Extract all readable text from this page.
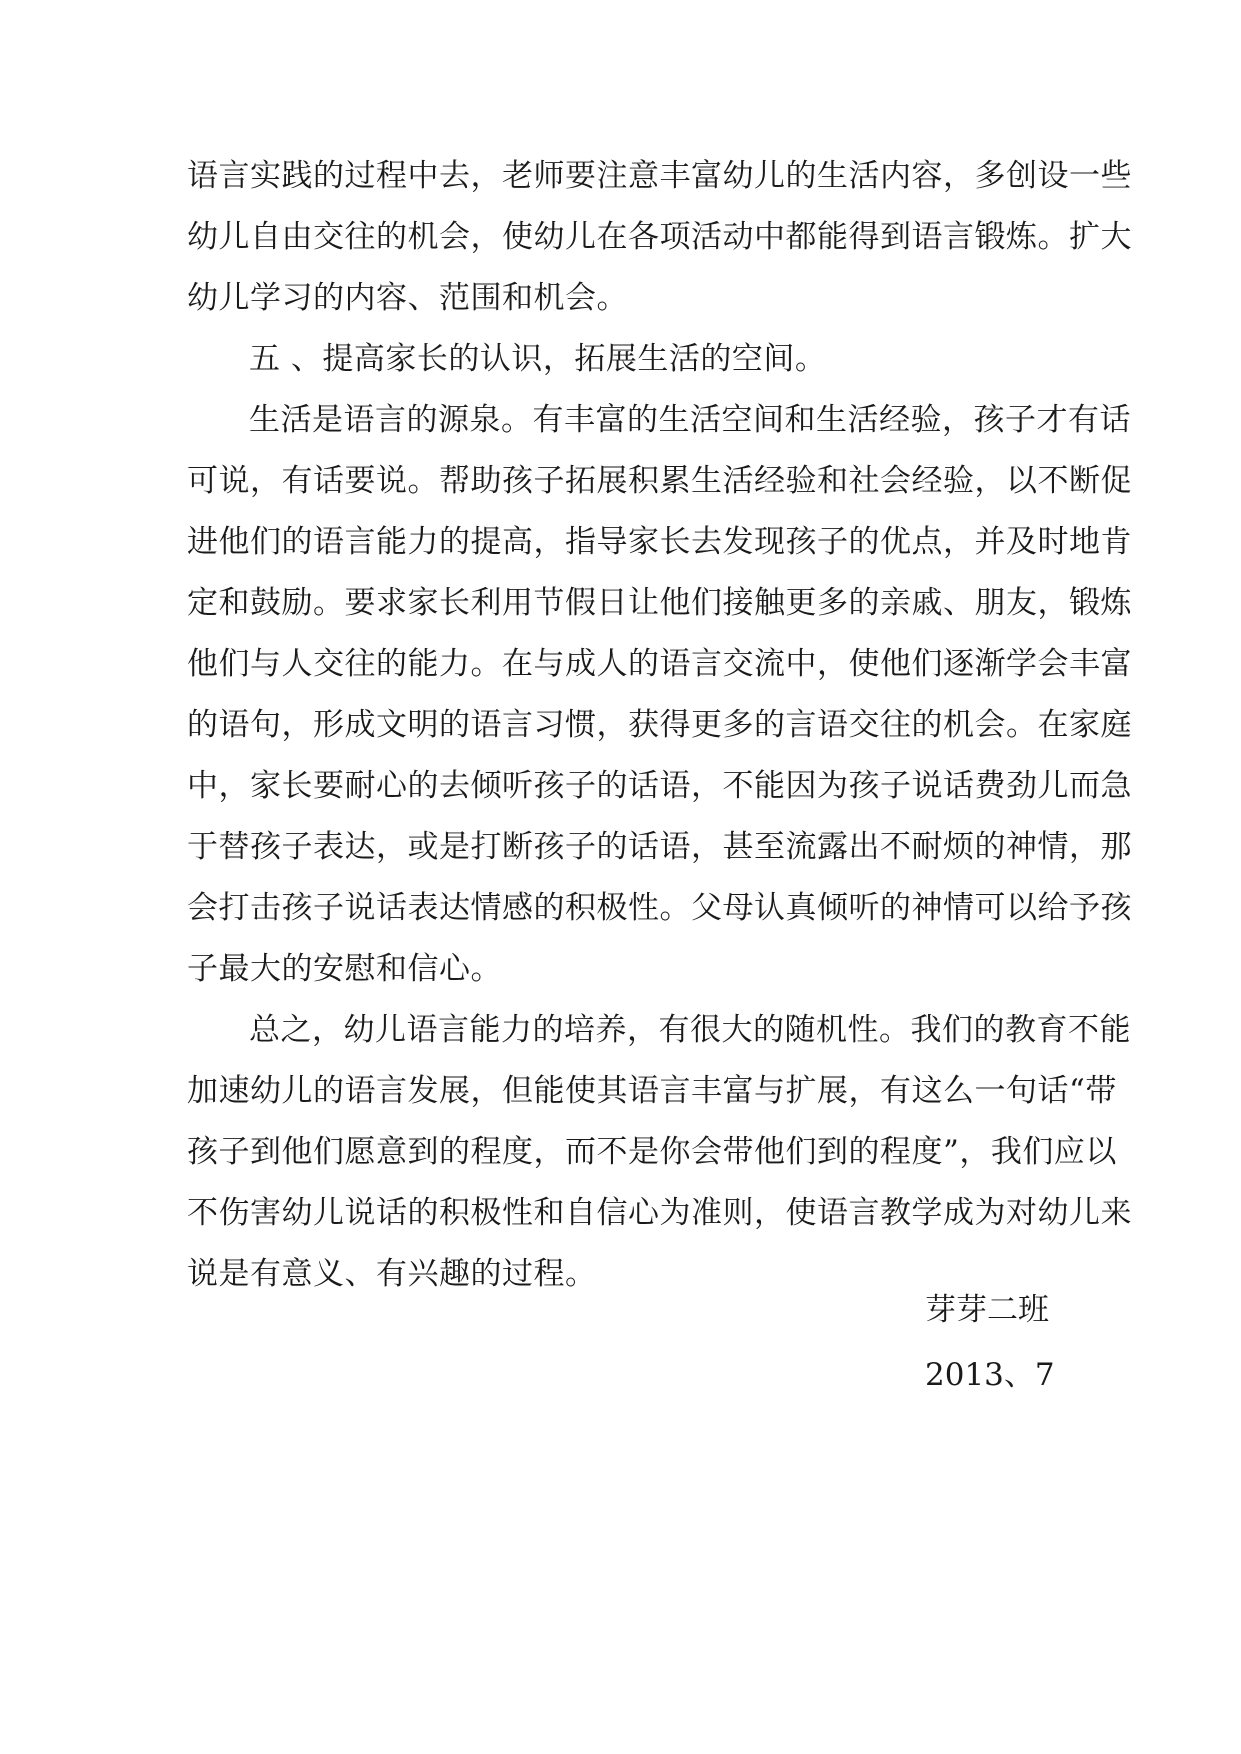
语言实践的过程中去，老师要注意丰富幼儿的生活内容，多创设一些
幼儿自由交往的机会，使幼儿在各项活动中都能得到语言锻炼。扩大
幼儿学习的内容、范围和机会。
五 、提高家长的认识，拓展生活的空间。
生活是语言的源泉。有丰富的生活空间和生活经验，孩子才有话
可说，有话要说。帮助孩子拓展积累生活经验和社会经验，以不断促
进他们的语言能力的提高，指导家长去发现孩子的优点，并及时地肯
定和鼓励。要求家长利用节假日让他们接触更多的亲戚、朋友，锻炼
他们与人交往的能力。在与成人的语言交流中，使他们逐渐学会丰富
的语句，形成文明的语言习惯，获得更多的言语交往的机会。在家庭
中，家长要耐心的去倾听孩子的话语，不能因为孩子说话费劲儿而急
于替孩子表达，或是打断孩子的话语，甚至流露出不耐烦的神情，那
会打击孩子说话表达情感的积极性。父母认真倾听的神情可以给予孩
子最大的安慰和信心。
总之，幼儿语言能力的培养，有很大的随机性。我们的教育不能
加速幼儿的语言发展，但能使其语言丰富与扩展，有这么一句话“带
孩子到他们愿意到的程度，而不是你会带他们到的程度”，我们应以
不伤害幼儿说话的积极性和自信心为准则，使语言教学成为对幼儿来
说是有意义、有兴趣的过程。
芽芽二班
2013、7
